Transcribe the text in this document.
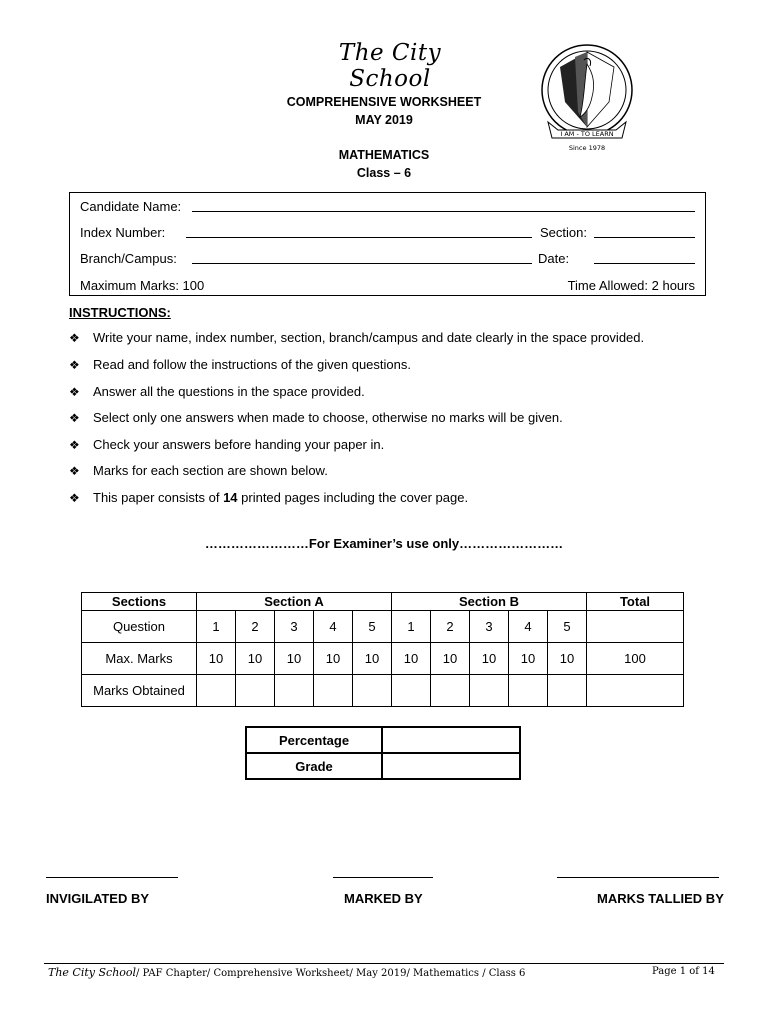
The City School
COMPREHENSIVE WORKSHEET
MAY 2019
MATHEMATICS
Class – 6
I AM - TO LEARN
Since 1978
Candidate Name:
Index Number:	Section:
Branch/Campus:	Date:
Maximum Marks: 100	Time Allowed: 2 hours
INSTRUCTIONS:
❖ Write your name, index number, section, branch/campus and date clearly in the space provided.
❖ Read and follow the instructions of the given questions.
❖ Answer all the questions in the space provided.
❖ Select only one answers when made to choose, otherwise no marks will be given.
❖ Check your answers before handing your paper in.
❖ Marks for each section are shown below.
❖ This paper consists of 14 printed pages including the cover page.
……………………For Examiner’s use only……………………
Sections	Section A					Section B					Total
Question	1	2	3	4	5	1	2	3	4	5	
Max. Marks	10	10	10	10	10	10	10	10	10	10	100
Marks Obtained											
Percentage	
Grade	
INVIGILATED BY	MARKED BY	MARKS TALLIED BY
The City School/ PAF Chapter/ Comprehensive Worksheet/ May 2019/ Mathematics / Class 6	Page 1 of 14
